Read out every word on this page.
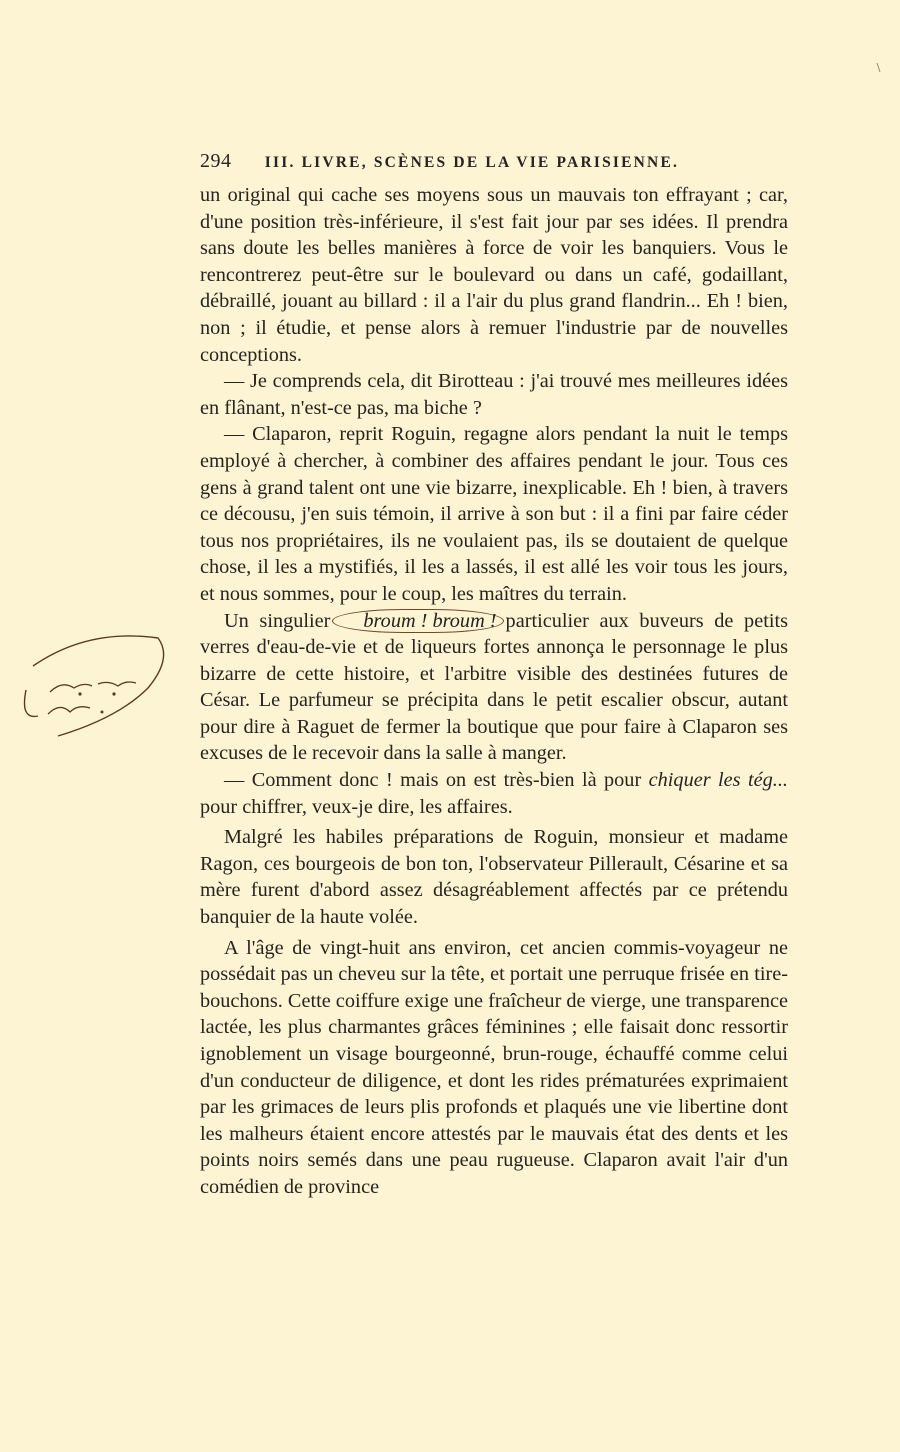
294 III. LIVRE, SCÈNES DE LA VIE PARISIENNE.

un original qui cache ses moyens sous un mauvais ton effrayant ; car, d'une position très-inférieure, il s'est fait jour par ses idées. Il prendra sans doute les belles manières à force de voir les banquiers. Vous le rencontrerez peut-être sur le boulevard ou dans un café, godaillant, débraillé, jouant au billard : il a l'air du plus grand flandrin... Eh ! bien, non ; il étudie, et pense alors à remuer l'industrie par de nouvelles conceptions.

— Je comprends cela, dit Birotteau : j'ai trouvé mes meilleures idées en flânant, n'est-ce pas, ma biche ?

— Claparon, reprit Roguin, regagne alors pendant la nuit le temps employé à chercher, à combiner des affaires pendant le jour. Tous ces gens à grand talent ont une vie bizarre, inexplicable. Eh ! bien, à travers ce décousu, j'en suis témoin, il arrive à son but : il a fini par faire céder tous nos propriétaires, ils ne voulaient pas, ils se doutaient de quelque chose, il les a mystifiés, il les a lassés, il est allé les voir tous les jours, et nous sommes, pour le coup, les maîtres du terrain.

Un singulier broum ! broum ! particulier aux buveurs de petits verres d'eau-de-vie et de liqueurs fortes annonça le personnage le plus bizarre de cette histoire, et l'arbitre visible des destinées futures de César. Le parfumeur se précipita dans le petit escalier obscur, autant pour dire à Raguet de fermer la boutique que pour faire à Claparon ses excuses de le recevoir dans la salle à manger.

— Comment donc ! mais on est très-bien là pour chiquer les tég... pour chiffrer, veux-je dire, les affaires.

Malgré les habiles préparations de Roguin, monsieur et madame Ragon, ces bourgeois de bon ton, l'observateur Pillerault, Césarine et sa mère furent d'abord assez désagréablement affectés par ce prétendu banquier de la haute volée.

A l'âge de vingt-huit ans environ, cet ancien commis-voyageur ne possédait pas un cheveu sur la tête, et portait une perruque frisée en tire-bouchons. Cette coiffure exige une fraîcheur de vierge, une transparence lactée, les plus charmantes grâces féminines ; elle faisait donc ressortir ignoblement un visage bourgeonné, brun-rouge, échauffé comme celui d'un conducteur de diligence, et dont les rides prématurées exprimaient par les grimaces de leurs plis profonds et plaqués une vie libertine dont les malheurs étaient encore attestés par le mauvais état des dents et les points noirs semés dans une peau rugueuse. Claparon avait l'air d'un comédien de province
